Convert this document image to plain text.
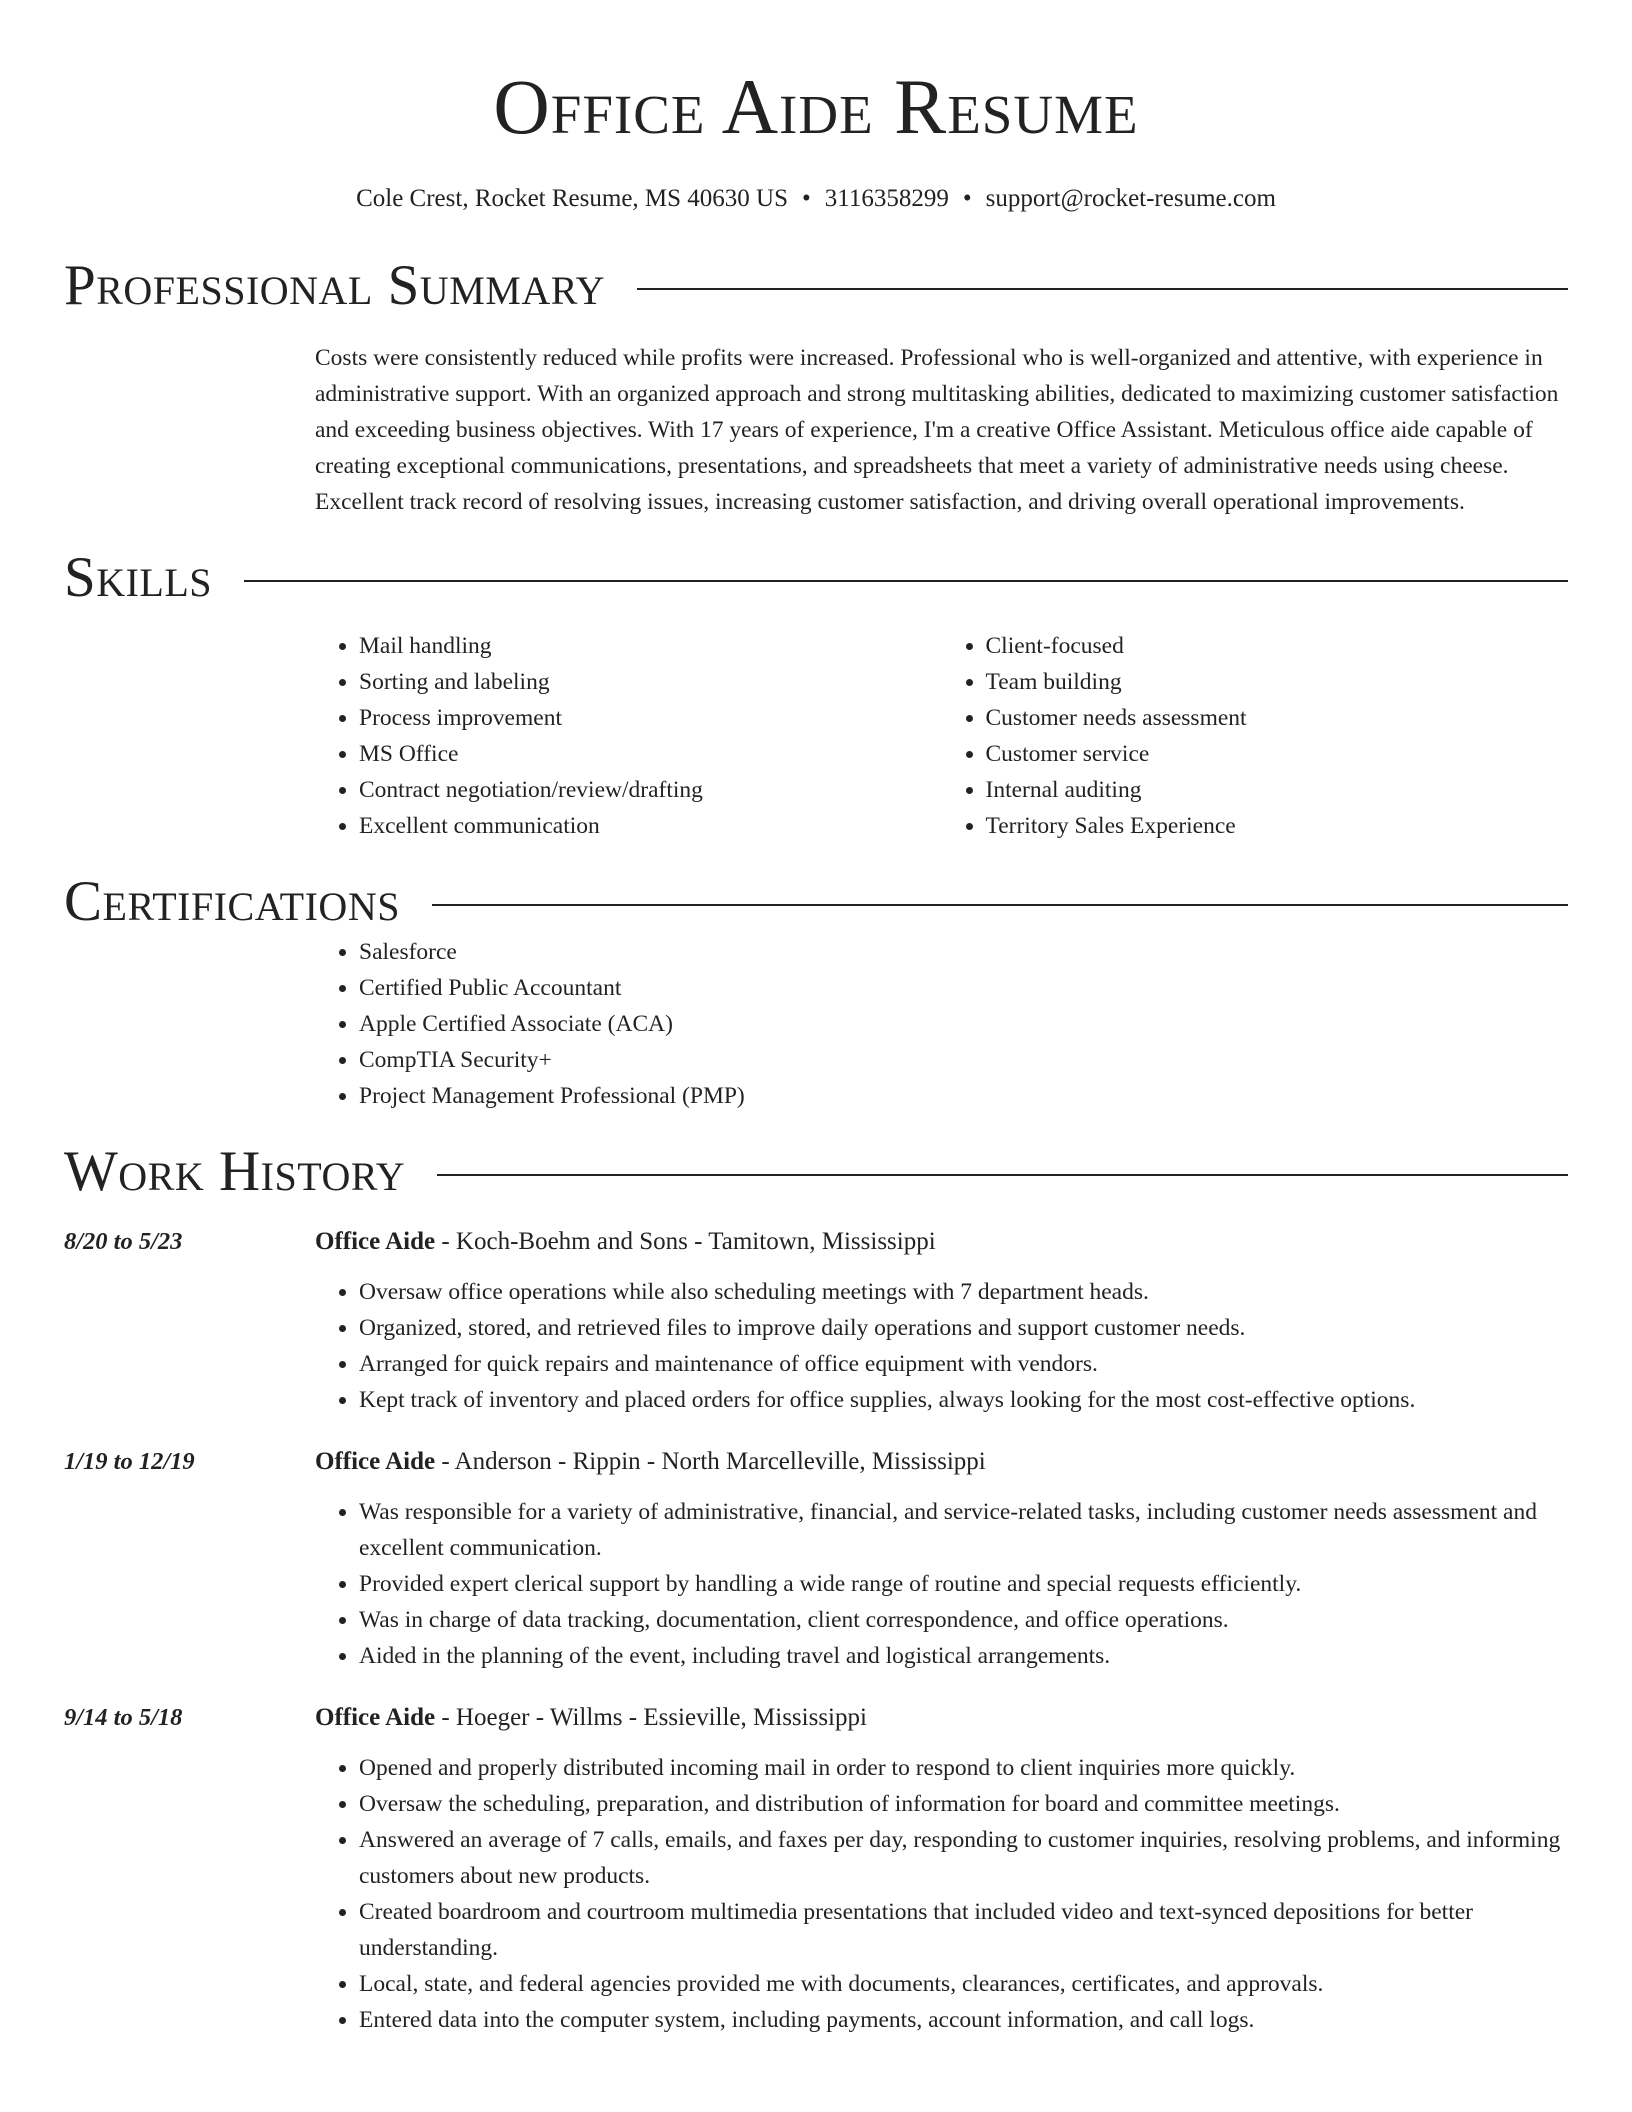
Office Aide Resume
Cole Crest, Rocket Resume, MS 40630 US • 3116358299 • support@rocket-resume.com
Professional Summary

Costs were consistently reduced while profits were increased. Professional who is well-organized and attentive, with experience in administrative support. With an organized approach and strong multitasking abilities, dedicated to maximizing customer satisfaction and exceeding business objectives. With 17 years of experience, I'm a creative Office Assistant. Meticulous office aide capable of creating exceptional communications, presentations, and spreadsheets that meet a variety of administrative needs using cheese. Excellent track record of resolving issues, increasing customer satisfaction, and driving overall operational improvements.

Skills
• Mail handling
• Sorting and labeling
• Process improvement
• MS Office
• Contract negotiation/review/drafting
• Excellent communication
• Client-focused
• Team building
• Customer needs assessment
• Customer service
• Internal auditing
• Territory Sales Experience
Certifications
• Salesforce
• Certified Public Accountant
• Apple Certified Associate (ACA)
• CompTIA Security+
• Project Management Professional (PMP)
Work History
8/20 to 5/23	Office Aide - Koch-Boehm and Sons - Tamitown, Mississippi
• Oversaw office operations while also scheduling meetings with 7 department heads.
• Organized, stored, and retrieved files to improve daily operations and support customer needs.
• Arranged for quick repairs and maintenance of office equipment with vendors.
• Kept track of inventory and placed orders for office supplies, always looking for the most cost-effective options.
1/19 to 12/19	Office Aide - Anderson - Rippin - North Marcelleville, Mississippi
• Was responsible for a variety of administrative, financial, and service-related tasks, including customer needs assessment and excellent communication.
• Provided expert clerical support by handling a wide range of routine and special requests efficiently.
• Was in charge of data tracking, documentation, client correspondence, and office operations.
• Aided in the planning of the event, including travel and logistical arrangements.
9/14 to 5/18	Office Aide - Hoeger - Willms - Essieville, Mississippi
• Opened and properly distributed incoming mail in order to respond to client inquiries more quickly.
• Oversaw the scheduling, preparation, and distribution of information for board and committee meetings.
• Answered an average of 7 calls, emails, and faxes per day, responding to customer inquiries, resolving problems, and informing customers about new products.
• Created boardroom and courtroom multimedia presentations that included video and text-synced depositions for better understanding.
• Local, state, and federal agencies provided me with documents, clearances, certificates, and approvals.
• Entered data into the computer system, including payments, account information, and call logs.
